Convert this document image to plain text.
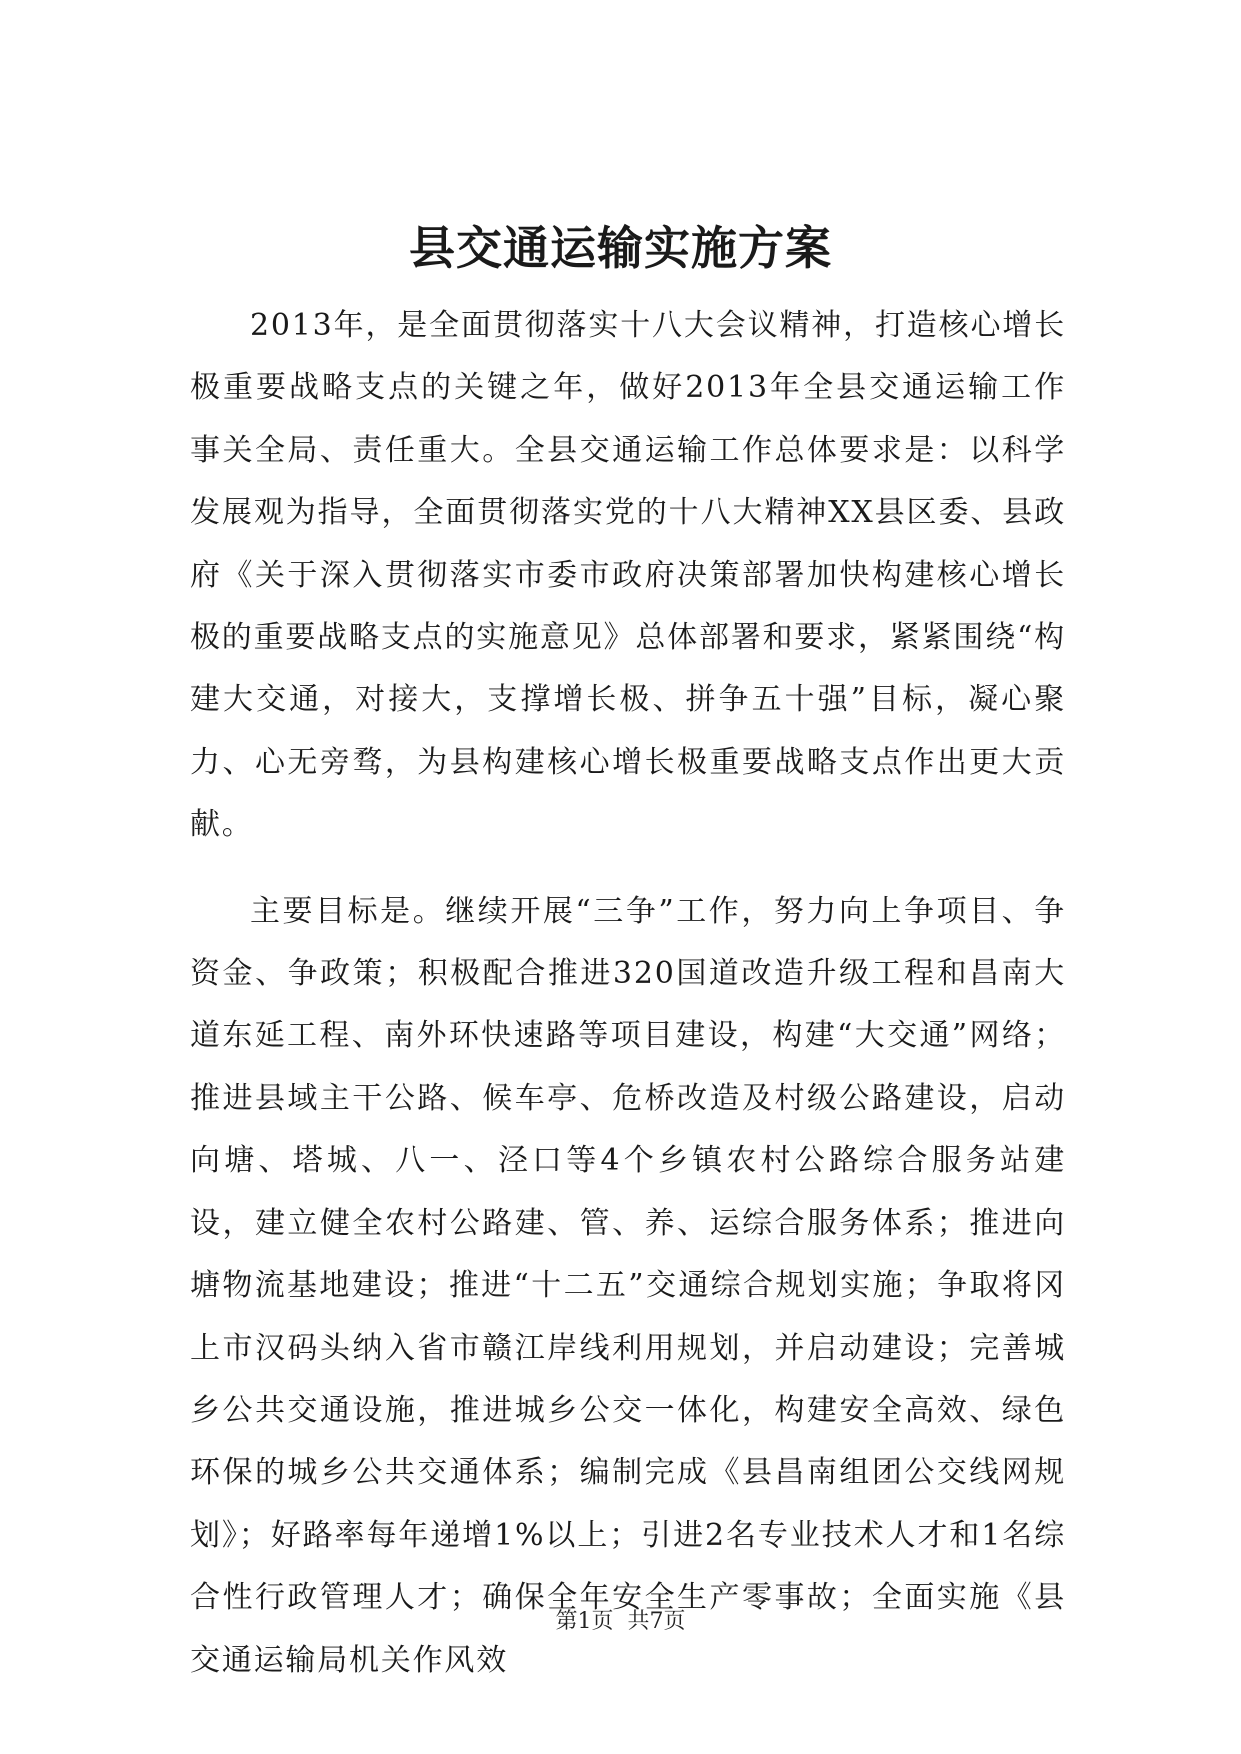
县交通运输实施方案

2013年，是全面贯彻落实十八大会议精神，打造核心增长极重要战略支点的关键之年，做好2013年全县交通运输工作事关全局、责任重大。全县交通运输工作总体要求是：以科学发展观为指导，全面贯彻落实党的十八大精神XX县区委、县政府《关于深入贯彻落实市委市政府决策部署加快构建核心增长极的重要战略支点的实施意见》总体部署和要求，紧紧围绕“构建大交通，对接大，支撑增长极、拼争五十强”目标，凝心聚力、心无旁骛，为县构建核心增长极重要战略支点作出更大贡献。

主要目标是。继续开展“三争”工作，努力向上争项目、争资金、争政策；积极配合推进320国道改造升级工程和昌南大道东延工程、南外环快速路等项目建设，构建“大交通”网络；推进县域主干公路、候车亭、危桥改造及村级公路建设，启动向塘、塔城、八一、泾口等4个乡镇农村公路综合服务站建设，建立健全农村公路建、管、养、运综合服务体系；推进向塘物流基地建设；推进“十二五”交通综合规划实施；争取将冈上市汉码头纳入省市赣江岸线利用规划，并启动建设；完善城乡公共交通设施，推进城乡公交一体化，构建安全高效、绿色环保的城乡公共交通体系；编制完成《县昌南组团公交线网规划》；好路率每年递增1%以上；引进2名专业技术人才和1名综合性行政管理人才；确保全年安全生产零事故；全面实施《县交通运输局机关作风效

第1页 共7页
